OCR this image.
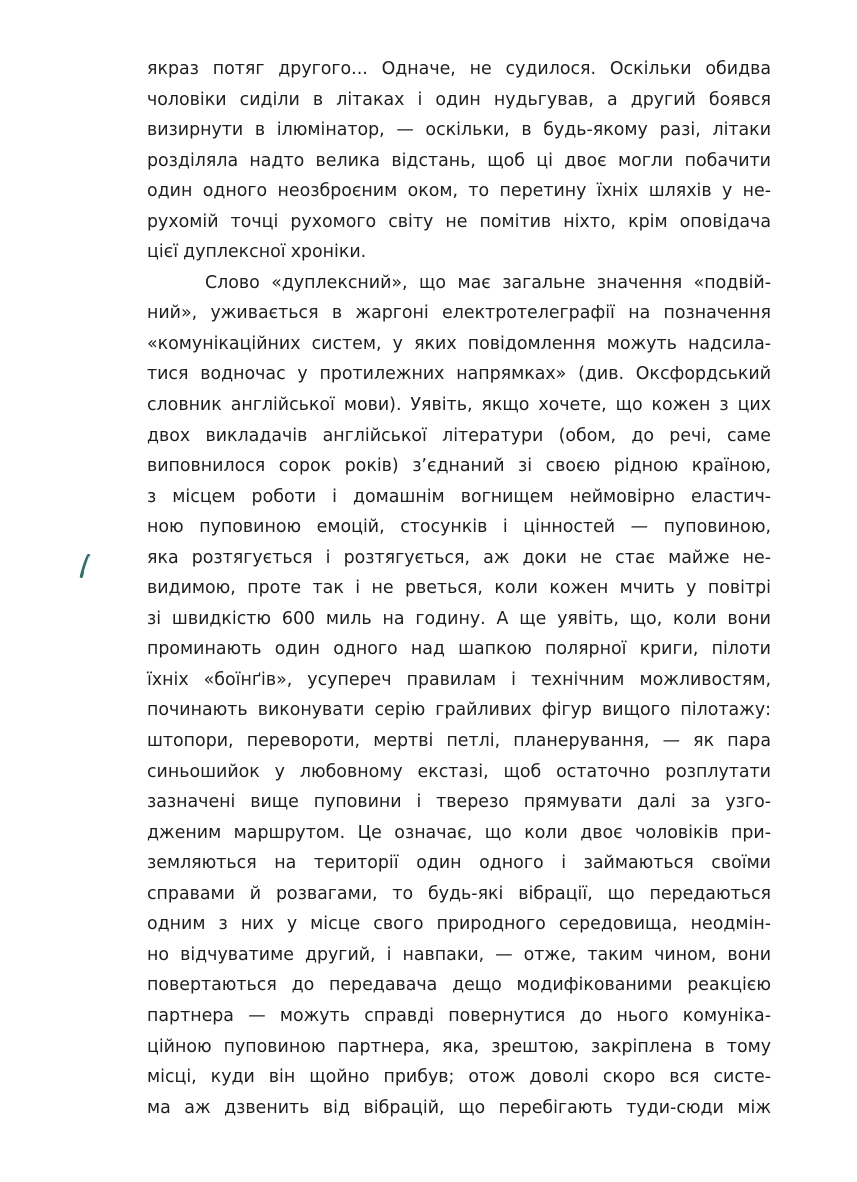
якраз потяг другого... Одначе, не судилося. Оскільки обидва
чоловіки сиділи в літаках і один нудьгував, а другий боявся
визирнути в ілюмінатор, — оскільки, в будь-якому разі, літаки
розділяла надто велика відстань, щоб ці двоє могли побачити
один одного неозброєним оком, то перетину їхніх шляхів у не-
рухомій точці рухомого світу не помітив ніхто, крім оповідача
цієї дуплексної хроніки.
Слово «дуплексний», що має загальне значення «подвій-
ний», уживається в жаргоні електротелеграфії на позначення
«комунікаційних систем, у яких повідомлення можуть надсила-
тися водночас у протилежних напрямках» (див. Оксфордський
словник англійської мови). Уявіть, якщо хочете, що кожен з цих
двох викладачів англійської літератури (обом, до речі, саме
виповнилося сорок років) з’єднаний зі своєю рідною країною,
з місцем роботи і домашнім вогнищем неймовірно еластич-
ною пуповиною емоцій, стосунків і цінностей — пуповиною,
яка розтягується і розтягується, аж доки не стає майже не-
видимою, проте так і не рветься, коли кожен мчить у повітрі
зі швидкістю 600 миль на годину. А ще уявіть, що, коли вони
проминають один одного над шапкою полярної криги, пілоти
їхніх «боїнґів», усупереч правилам і технічним можливостям,
починають виконувати серію грайливих фігур вищого пілотажу:
штопори, перевороти, мертві петлі, планерування, — як пара
синьошийок у любовному екстазі, щоб остаточно розплутати
зазначені вище пуповини і тверезо прямувати далі за узго-
дженим маршрутом. Це означає, що коли двоє чоловіків при-
земляються на території один одного і займаються своїми
справами й розвагами, то будь-які вібрації, що передаються
одним з них у місце свого природного середовища, неодмін-
но відчуватиме другий, і навпаки, — отже, таким чином, вони
повертаються до передавача дещо модифікованими реакцією
партнера — можуть справді повернутися до нього комуніка-
ційною пуповиною партнера, яка, зрештою, закріплена в тому
місці, куди він щойно прибув; отож доволі скоро вся систе-
ма аж дзвенить від вібрацій, що перебігають туди-сюди між
